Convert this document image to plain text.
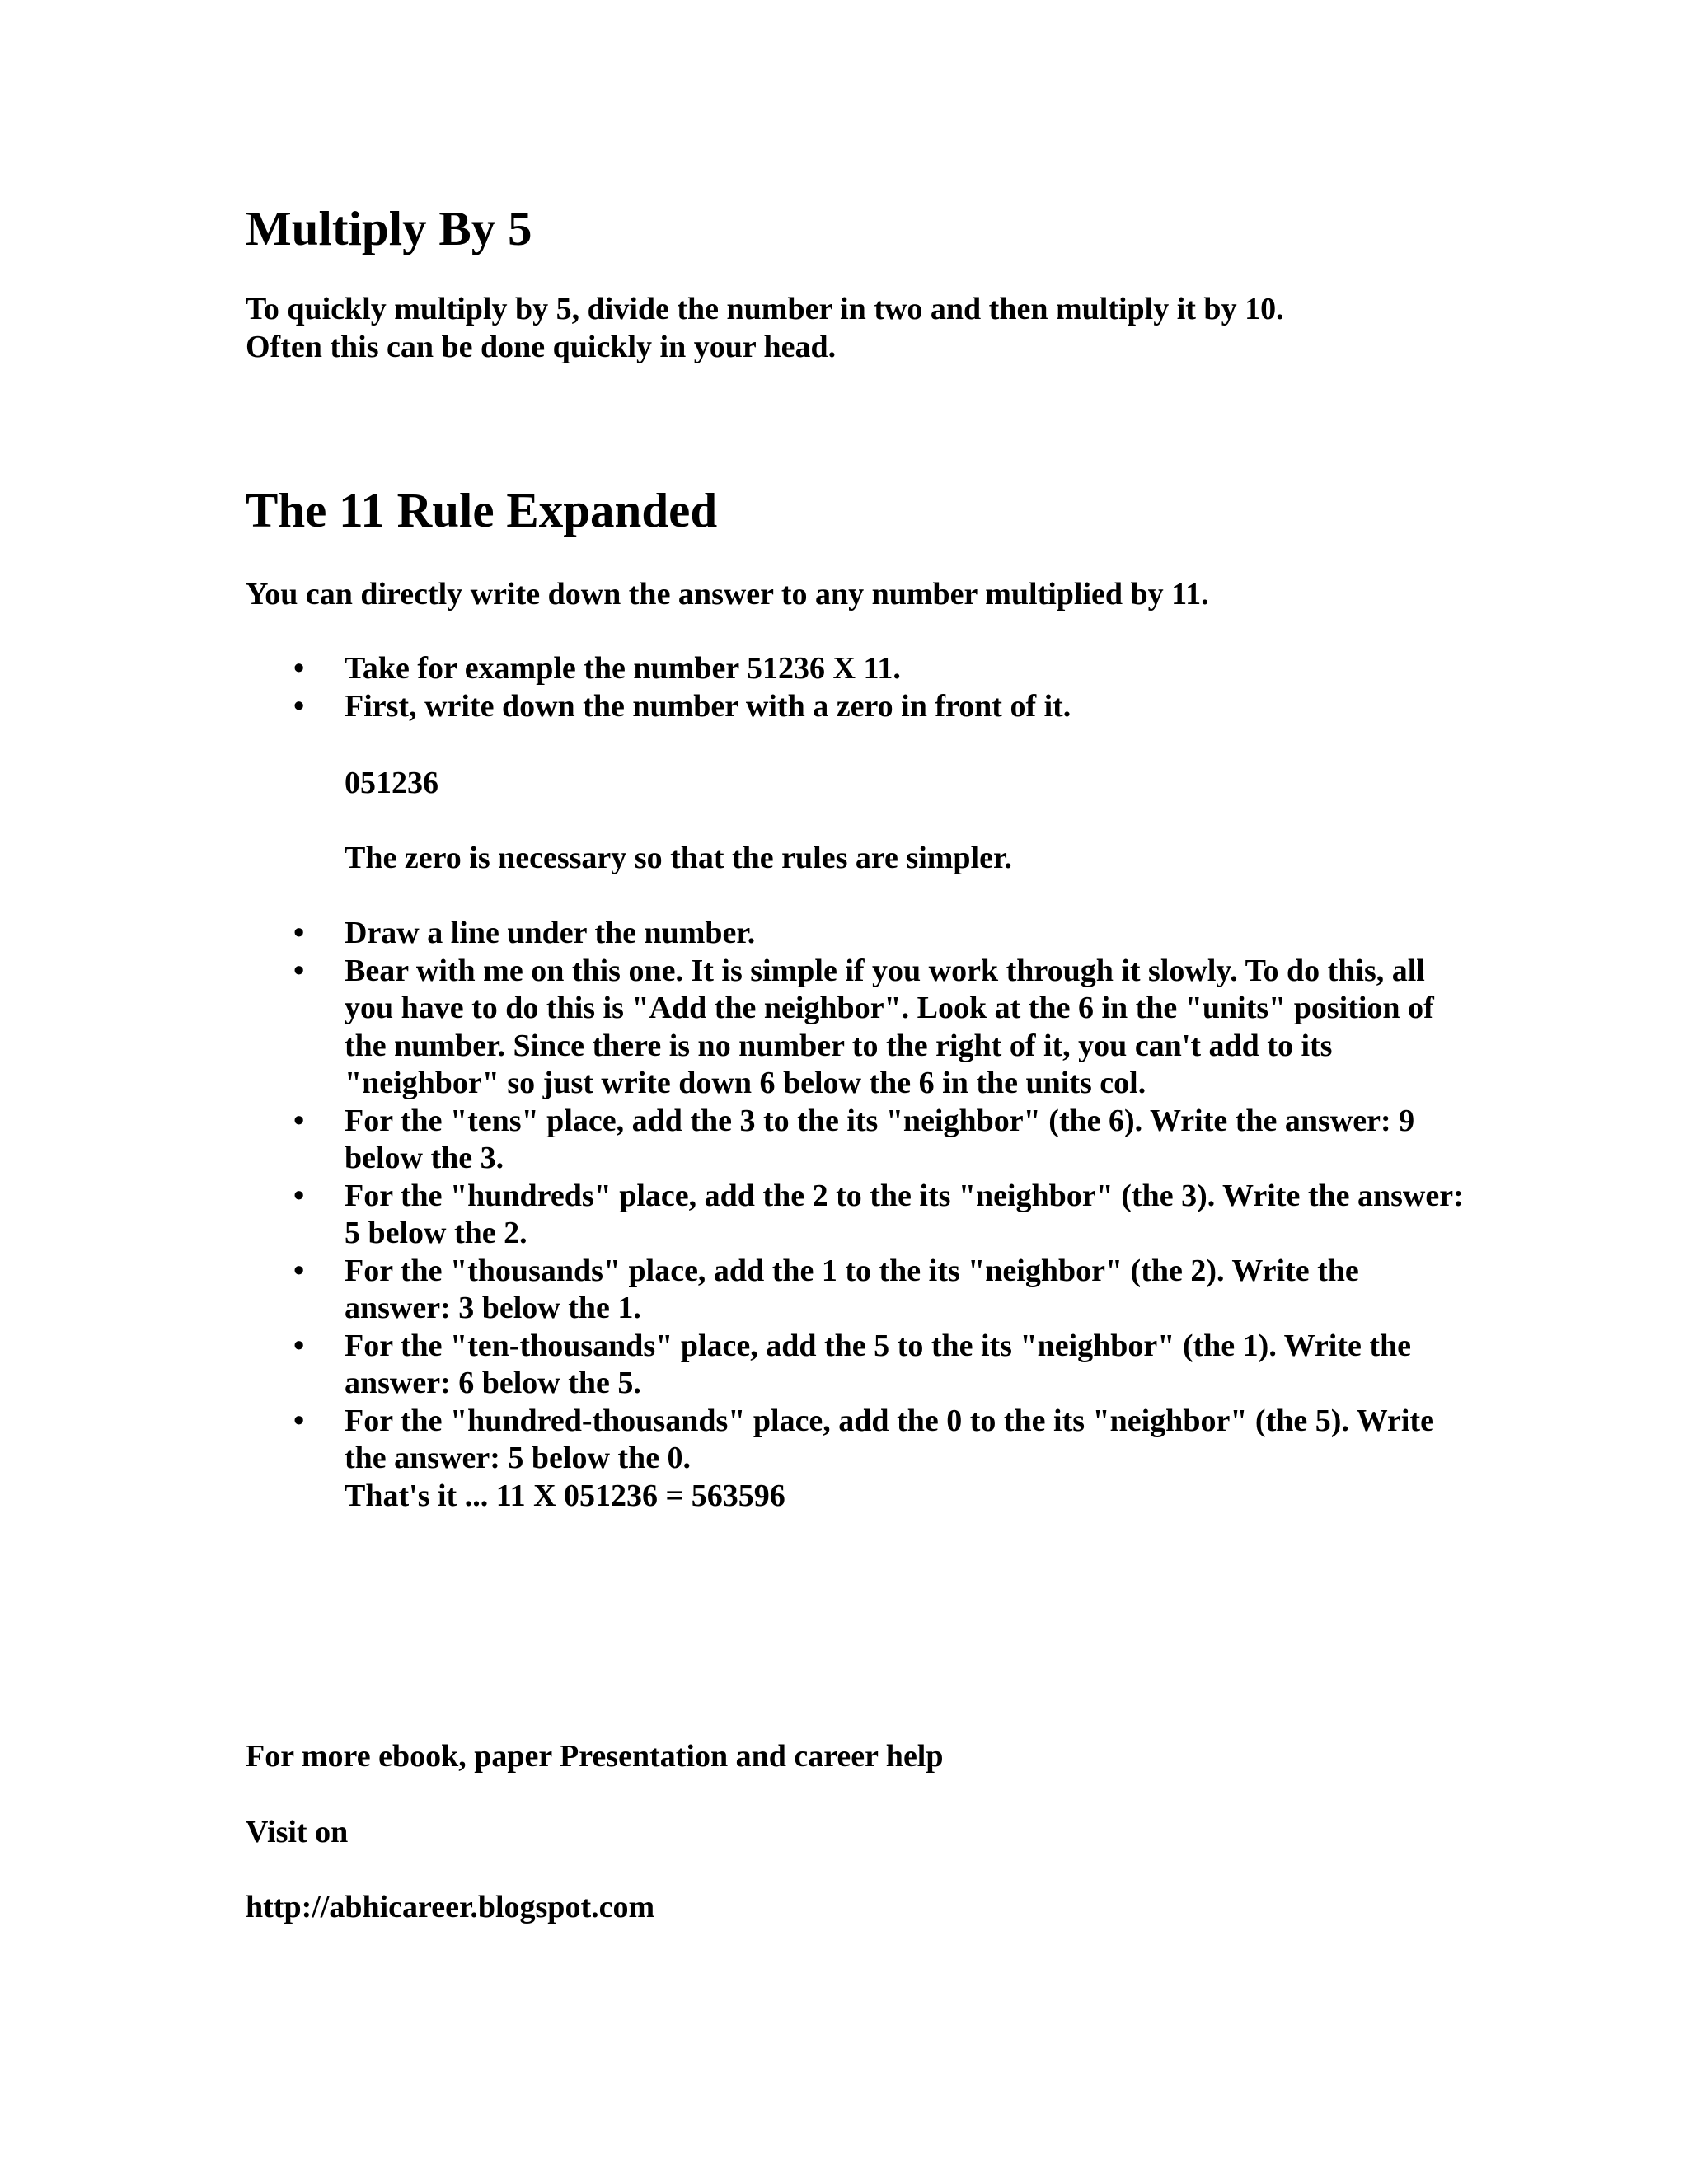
Multiply By 5
To quickly multiply by 5, divide the number in two and then multiply it by 10.
Often this can be done quickly in your head.
The 11 Rule Expanded
You can directly write down the answer to any number multiplied by 11.
• Take for example the number 51236 X 11.
• First, write down the number with a zero in front of it.
051236
The zero is necessary so that the rules are simpler.
• Draw a line under the number.
• Bear with me on this one. It is simple if you work through it slowly. To do this, all you have to do this is "Add the neighbor". Look at the 6 in the "units" position of the number. Since there is no number to the right of it, you can't add to its "neighbor" so just write down 6 below the 6 in the units col.
• For the "tens" place, add the 3 to the its "neighbor" (the 6). Write the answer: 9 below the 3.
• For the "hundreds" place, add the 2 to the its "neighbor" (the 3). Write the answer: 5 below the 2.
• For the "thousands" place, add the 1 to the its "neighbor" (the 2). Write the answer: 3 below the 1.
• For the "ten-thousands" place, add the 5 to the its "neighbor" (the 1). Write the answer: 6 below the 5.
• For the "hundred-thousands" place, add the 0 to the its "neighbor" (the 5). Write the answer: 5 below the 0.
That's it ... 11 X 051236 = 563596
For more ebook, paper Presentation and career help
Visit on
http://abhicareer.blogspot.com
